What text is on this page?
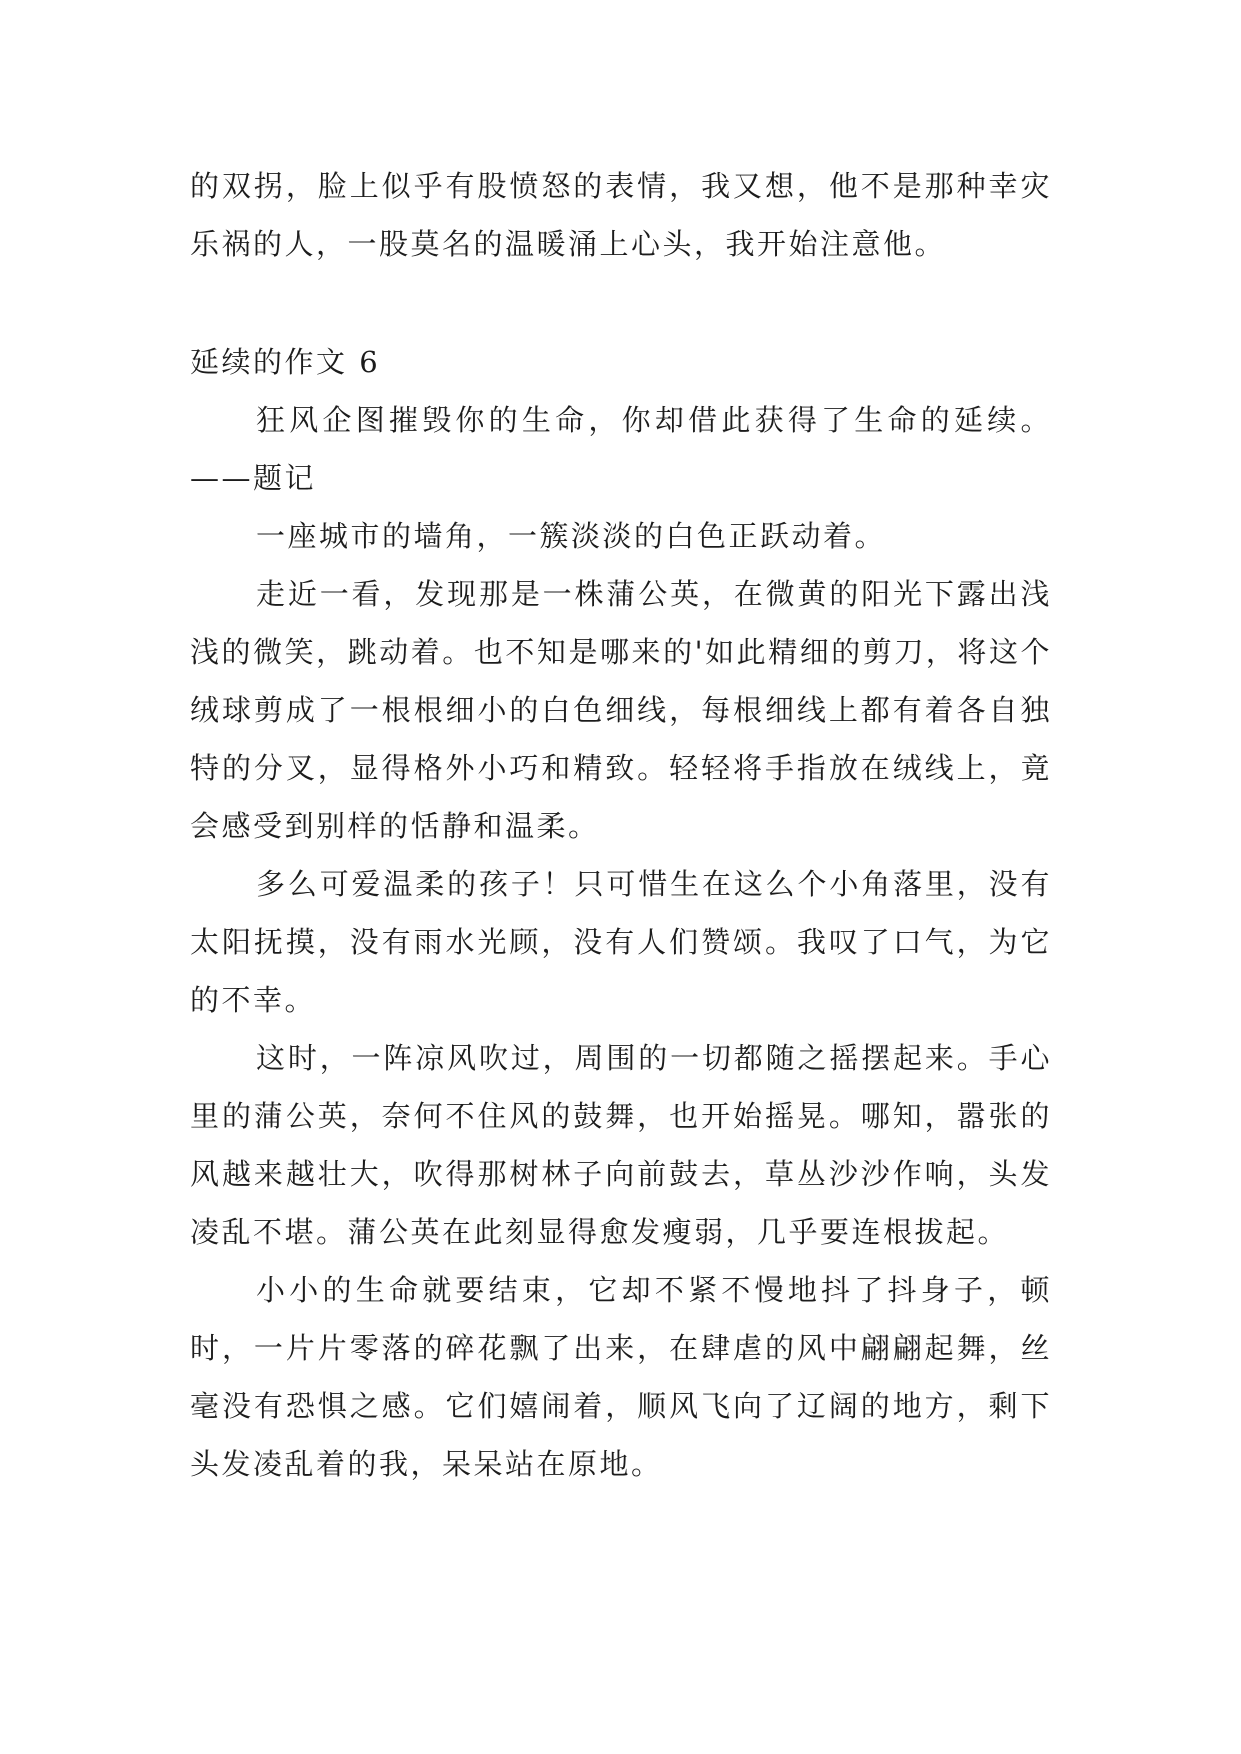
的双拐，脸上似乎有股愤怒的表情，我又想，他不是那种幸灾乐祸的人，一股莫名的温暖涌上心头，我开始注意他。

延续的作文 6

狂风企图摧毁你的生命，你却借此获得了生命的延续。——题记

一座城市的墙角，一簇淡淡的白色正跃动着。

走近一看，发现那是一株蒲公英，在微黄的阳光下露出浅浅的微笑，跳动着。也不知是哪来的'如此精细的剪刀，将这个绒球剪成了一根根细小的白色细线，每根细线上都有着各自独特的分叉，显得格外小巧和精致。轻轻将手指放在绒线上，竟会感受到别样的恬静和温柔。

多么可爱温柔的孩子！只可惜生在这么个小角落里，没有太阳抚摸，没有雨水光顾，没有人们赞颂。我叹了口气，为它的不幸。

这时，一阵凉风吹过，周围的一切都随之摇摆起来。手心里的蒲公英，奈何不住风的鼓舞，也开始摇晃。哪知，嚣张的风越来越壮大，吹得那树林子向前鼓去，草丛沙沙作响，头发凌乱不堪。蒲公英在此刻显得愈发瘦弱，几乎要连根拔起。

小小的生命就要结束，它却不紧不慢地抖了抖身子，顿时，一片片零落的碎花飘了出来，在肆虐的风中翩翩起舞，丝毫没有恐惧之感。它们嬉闹着，顺风飞向了辽阔的地方，剩下头发凌乱着的我，呆呆站在原地。
